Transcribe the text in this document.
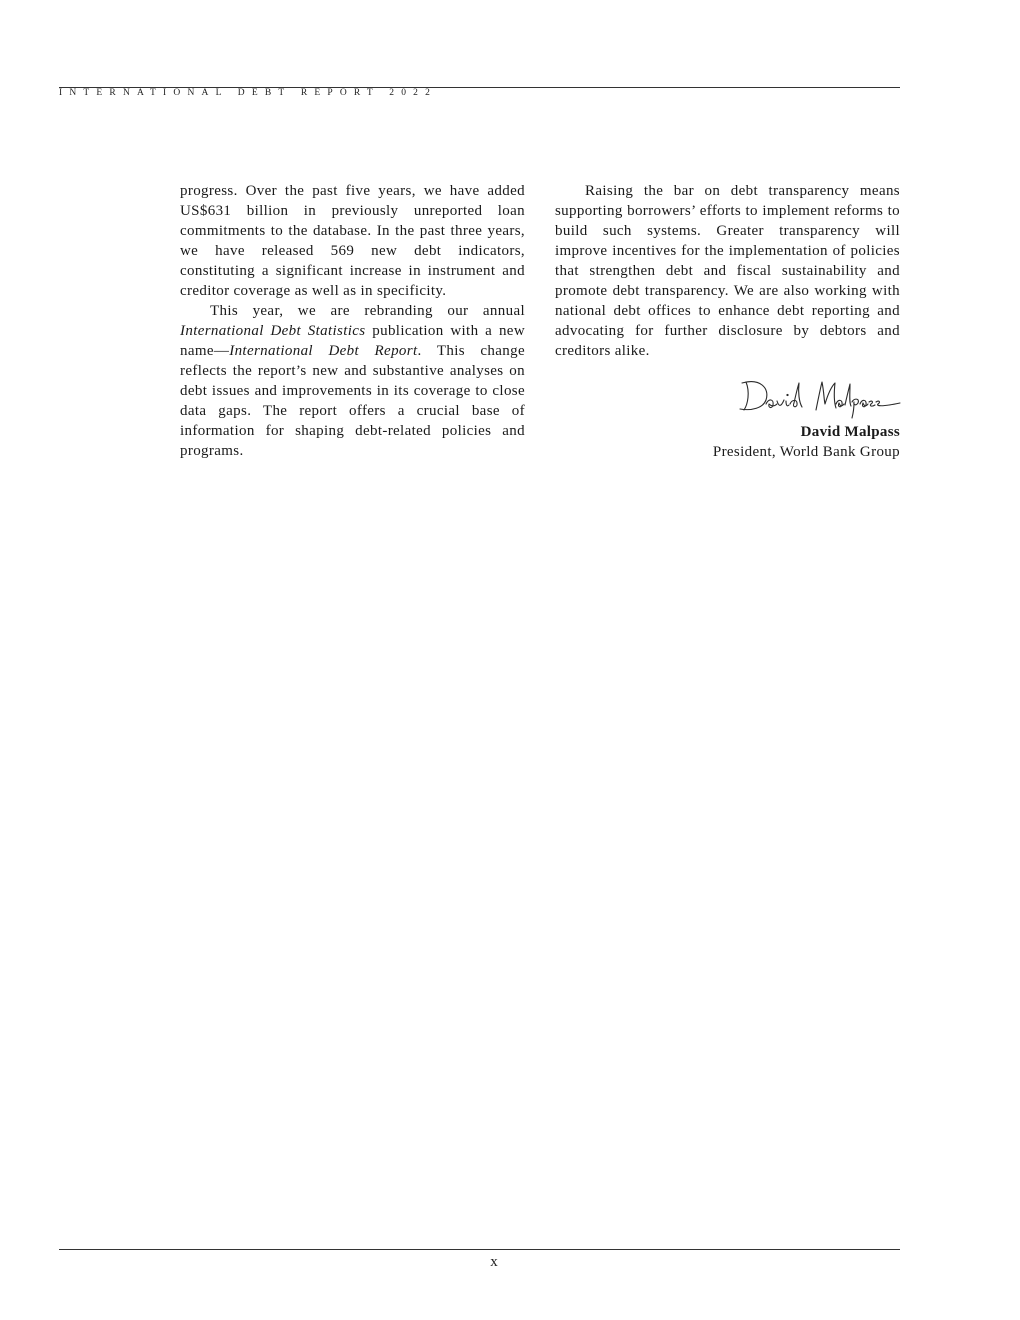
INTERNATIONAL DEBT REPORT 2022

progress. Over the past five years, we have added US$631 billion in previously unreported loan commitments to the database. In the past three years, we have released 569 new debt indicators, constituting a significant increase in instrument and creditor coverage as well as in specificity.

This year, we are rebranding our annual International Debt Statistics publication with a new name—International Debt Report. This change reflects the report’s new and substantive analyses on debt issues and improvements in its coverage to close data gaps. The report offers a crucial base of information for shaping debt-related policies and programs.

Raising the bar on debt transparency means supporting borrowers’ efforts to implement reforms to build such systems. Greater transparency will improve incentives for the implementation of policies that strengthen debt and fiscal sustainability and promote debt transparency. We are also working with national debt offices to enhance debt reporting and advocating for further disclosure by debtors and creditors alike.

David Malpass
President, World Bank Group
x
